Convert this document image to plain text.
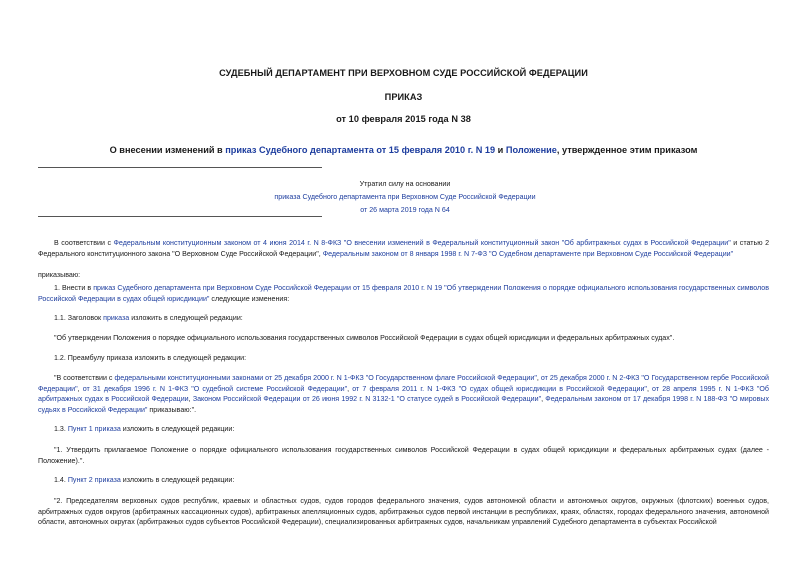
СУДЕБНЫЙ ДЕПАРТАМЕНТ ПРИ ВЕРХОВНОМ СУДЕ РОССИЙСКОЙ ФЕДЕРАЦИИ
ПРИКАЗ
от 10 февраля 2015 года N 38
О внесении изменений в приказ Судебного департамента от 15 февраля 2010 г. N 19 и Положение, утвержденное этим приказом
Утратил силу на основании
приказа Судебного департамента при Верховном Суде Российской Федерации
от 26 марта 2019 года N 64
В соответствии с Федеральным конституционным законом от 4 июня 2014 г. N 8-ФКЗ "О внесении изменений в Федеральный конституционный закон "Об арбитражных судах в Российской Федерации" и статью 2 Федерального конституционного закона "О Верховном Суде Российской Федерации", Федеральным законом от 8 января 1998 г. N 7-ФЗ "О Судебном департаменте при Верховном Суде Российской Федерации"
приказываю:
1. Внести в приказ Судебного департамента при Верховном Суде Российской Федерации от 15 февраля 2010 г. N 19 "Об утверждении Положения о порядке официального использования государственных символов Российской Федерации в судах общей юрисдикции" следующие изменения:
1.1. Заголовок приказа изложить в следующей редакции:
"Об утверждении Положения о порядке официального использования государственных символов Российской Федерации в судах общей юрисдикции и федеральных арбитражных судах".
1.2. Преамбулу приказа изложить в следующей редакции:
"В соответствии с федеральными конституционными законами от 25 декабря 2000 г. N 1-ФКЗ "О Государственном флаге Российской Федерации", от 25 декабря 2000 г. N 2-ФКЗ "О Государственном гербе Российской Федерации", от 31 декабря 1996 г. N 1-ФКЗ "О судебной системе Российской Федерации", от 7 февраля 2011 г. N 1-ФКЗ "О судах общей юрисдикции в Российской Федерации", от 28 апреля 1995 г. N 1-ФКЗ "Об арбитражных судах в Российской Федерации, Законом Российской Федерации от 26 июня 1992 г. N 3132-1 "О статусе судей в Российской Федерации", Федеральным законом от 17 декабря 1998 г. N 188-ФЗ "О мировых судьях в Российской Федерации" приказываю:".
1.3. Пункт 1 приказа изложить в следующей редакции:
"1. Утвердить прилагаемое Положение о порядке официального использования государственных символов Российской Федерации в судах общей юрисдикции и федеральных арбитражных судах (далее - Положение).".
1.4. Пункт 2 приказа изложить в следующей редакции:
"2. Председателям верховных судов республик, краевых и областных судов, судов городов федерального значения, судов автономной области и автономных округов, окружных (флотских) военных судов, арбитражных судов округов (арбитражных кассационных судов), арбитражных апелляционных судов, арбитражных судов первой инстанции в республиках, краях, областях, городах федерального значения, автономной области, автономных округах (арбитражных судов субъектов Российской Федерации), специализированных арбитражных судов, начальникам управлений Судебного департамента в субъектах Российской
